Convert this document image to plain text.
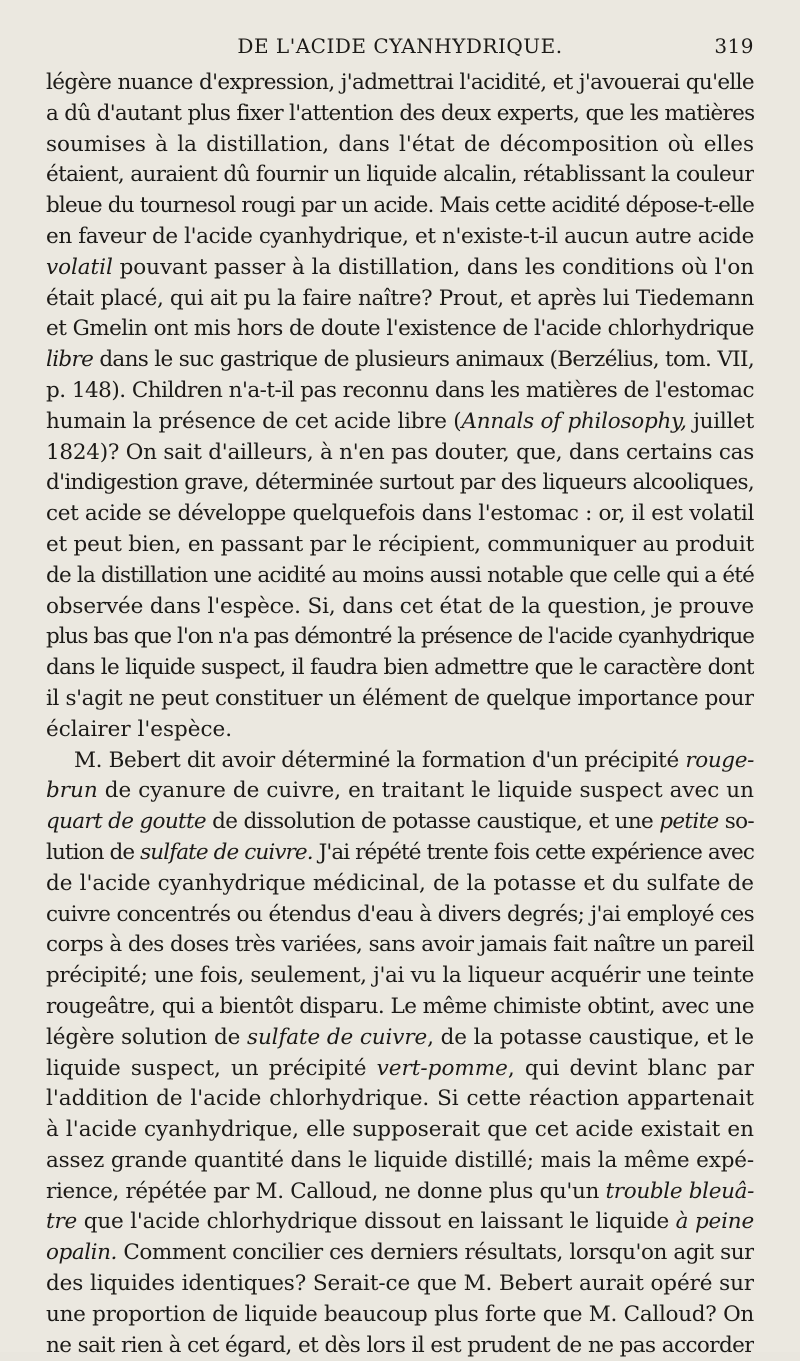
DE L'ACIDE CYANHYDRIQUE.	319
légère nuance d'expression, j'admettrai l'acidité, et j'avouerai qu'elle
a dû d'autant plus fixer l'attention des deux experts, que les matières
soumises à la distillation, dans l'état de décomposition où elles
étaient, auraient dû fournir un liquide alcalin, rétablissant la couleur
bleue du tournesol rougi par un acide. Mais cette acidité dépose-t-elle
en faveur de l'acide cyanhydrique, et n'existe-t-il aucun autre acide
volatil pouvant passer à la distillation, dans les conditions où l'on
était placé, qui ait pu la faire naître? Prout, et après lui Tiedemann
et Gmelin ont mis hors de doute l'existence de l'acide chlorhydrique
libre dans le suc gastrique de plusieurs animaux (Berzélius, tom. VII,
p. 148). Children n'a-t-il pas reconnu dans les matières de l'estomac
humain la présence de cet acide libre (Annals of philosophy, juillet
1824)? On sait d'ailleurs, à n'en pas douter, que, dans certains cas
d'indigestion grave, déterminée surtout par des liqueurs alcooliques,
cet acide se développe quelquefois dans l'estomac : or, il est volatil
et peut bien, en passant par le récipient, communiquer au produit
de la distillation une acidité au moins aussi notable que celle qui a été
observée dans l'espèce. Si, dans cet état de la question, je prouve
plus bas que l'on n'a pas démontré la présence de l'acide cyanhydrique
dans le liquide suspect, il faudra bien admettre que le caractère dont
il s'agit ne peut constituer un élément de quelque importance pour
éclairer l'espèce.
M. Bebert dit avoir déterminé la formation d'un précipité rouge-
brun de cyanure de cuivre, en traitant le liquide suspect avec un
quart de goutte de dissolution de potasse caustique, et une petite so-
lution de sulfate de cuivre. J'ai répété trente fois cette expérience avec
de l'acide cyanhydrique médicinal, de la potasse et du sulfate de
cuivre concentrés ou étendus d'eau à divers degrés; j'ai employé ces
corps à des doses très variées, sans avoir jamais fait naître un pareil
précipité; une fois, seulement, j'ai vu la liqueur acquérir une teinte
rougeâtre, qui a bientôt disparu. Le même chimiste obtint, avec une
légère solution de sulfate de cuivre, de la potasse caustique, et le
liquide suspect, un précipité vert-pomme, qui devint blanc par
l'addition de l'acide chlorhydrique. Si cette réaction appartenait
à l'acide cyanhydrique, elle supposerait que cet acide existait en
assez grande quantité dans le liquide distillé; mais la même expé-
rience, répétée par M. Calloud, ne donne plus qu'un trouble bleuâ-
tre que l'acide chlorhydrique dissout en laissant le liquide à peine
opalin. Comment concilier ces derniers résultats, lorsqu'on agit sur
des liquides identiques? Serait-ce que M. Bebert aurait opéré sur
une proportion de liquide beaucoup plus forte que M. Calloud? On
ne sait rien à cet égard, et dès lors il est prudent de ne pas accorder
